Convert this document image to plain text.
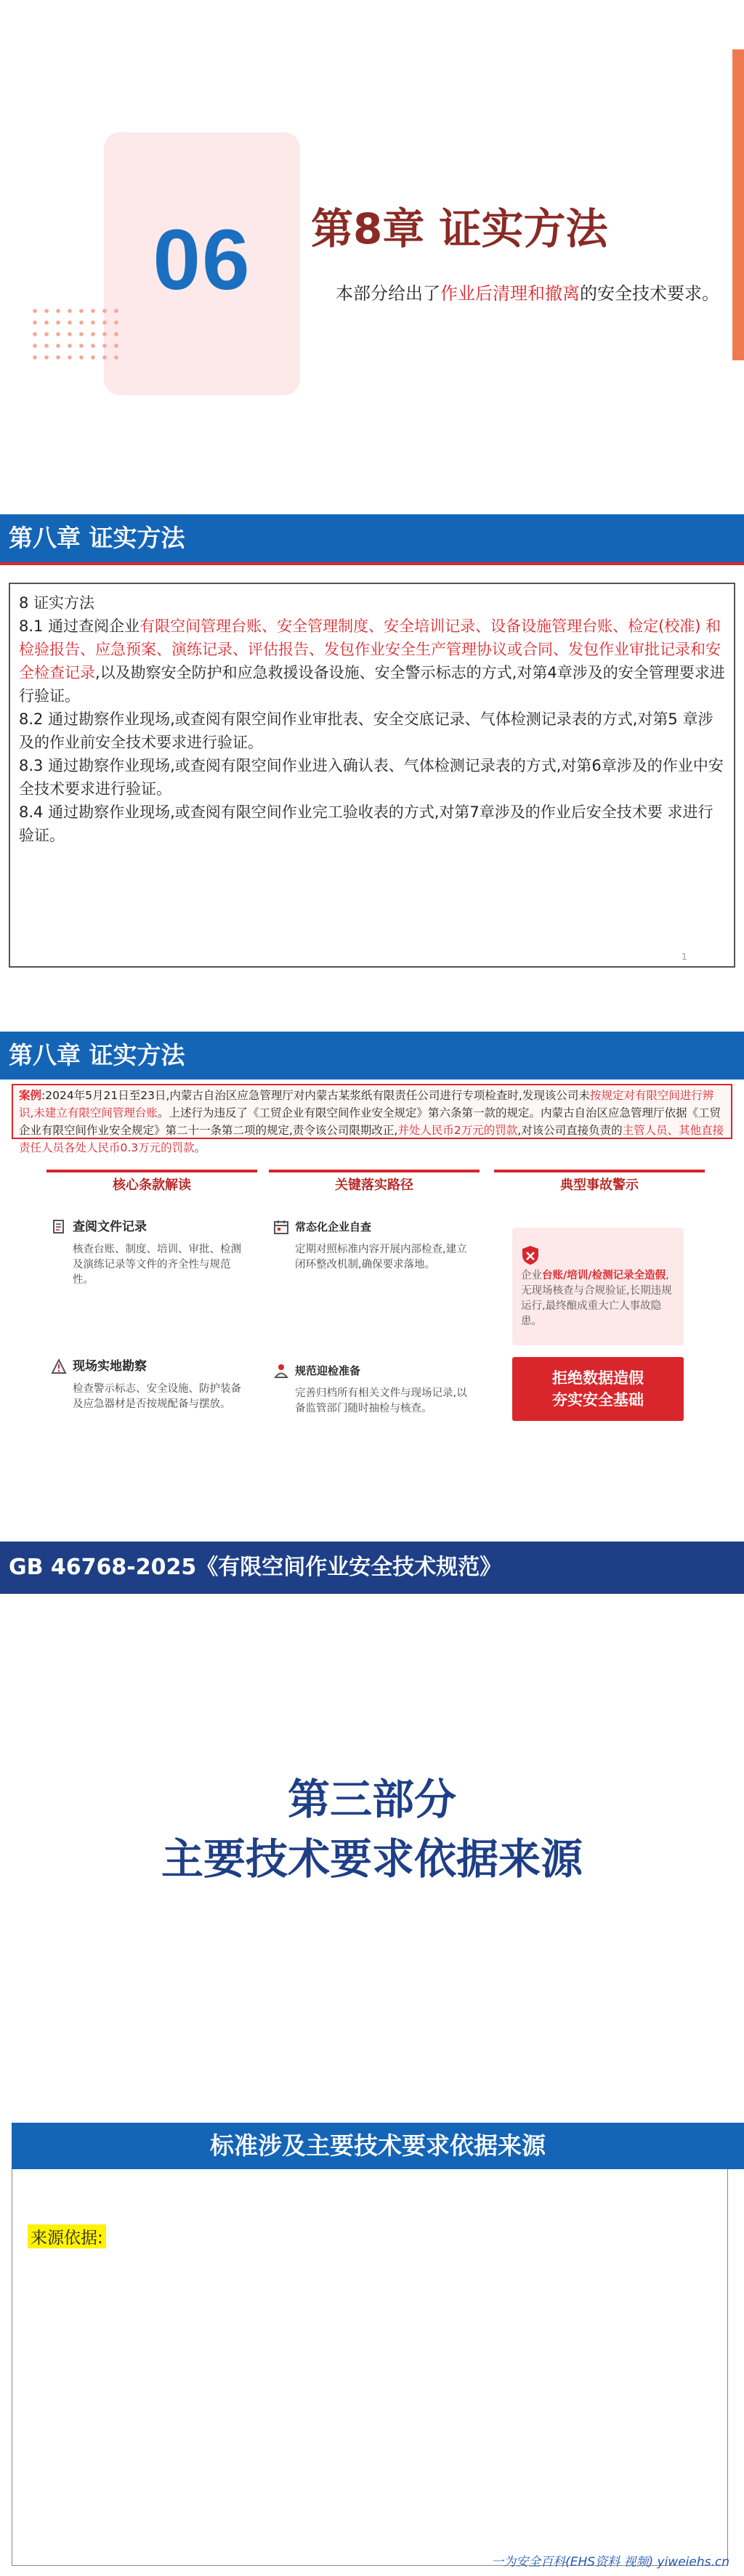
06	第8章 证实方法
本部分给出了作业后清理和撤离的安全技术要求。
第八章 证实方法

8 证实方法

8.1 通过查阅企业有限空间管理台账、安全管理制度、安全培训记录、设备设施管理台账、检定(校准) 和检验报告、应急预案、演练记录、评估报告、发包作业安全生产管理协议或合同、发包作业审批记录和安全检查记录,以及勘察安全防护和应急救援设备设施、安全警示标志的方式,对第4章涉及的安全管理要求进行验证。

8.2 通过勘察作业现场,或查阅有限空间作业审批表、安全交底记录、气体检测记录表的方式,对第5 章涉及的作业前安全技术要求进行验证。

8.3 通过勘察作业现场,或查阅有限空间作业进入确认表、气体检测记录表的方式,对第6章涉及的作业中安全技术要求进行验证。

8.4 通过勘察作业现场,或查阅有限空间作业完工验收表的方式,对第7章涉及的作业后安全技术要 求进行验证。

1
第八章 证实方法
案例:2024年5月21日至23日,内蒙古自治区应急管理厅对内蒙古某浆纸有限责任公司进行专项检查时,发现该公司未按规定对有限空间进行辨识,未建立有限空间管理台账。上述行为违反了《工贸企业有限空间作业安全规定》第六条第一款的规定。内蒙古自治区应急管理厅依据《工贸企业有限空间作业安全规定》第二十一条第二项的规定,责令该公司限期改正,并处人民币2万元的罚款,对该公司直接负责的主管人员、其他直接责任人员各处人民币0.3万元的罚款。
核心条款解读
查阅文件记录
核查台账、制度、培训、审批、检测及演练记录等文件的齐全性与规范性。
现场实地勘察
检查警示标志、安全设施、防护装备及应急器材是否按规配备与摆放。
关键落实路径
常态化企业自查
定期对照标准内容开展内部检查,建立闭环整改机制,确保要求落地。
规范迎检准备
完善归档所有相关文件与现场记录,以备监管部门随时抽检与核查。
典型事故警示
企业台账/培训/检测记录全造假,无现场核查与合规验证,长期违规运行,最终酿成重大亡人事故隐患。
拒绝数据造假
夯实安全基础
GB 46768-2025《有限空间作业安全技术规范》
第三部分
主要技术要求依据来源
标准涉及主要技术要求依据来源
来源依据:
一为安全百科(EHS资料 视频) yiweiehs.cn
